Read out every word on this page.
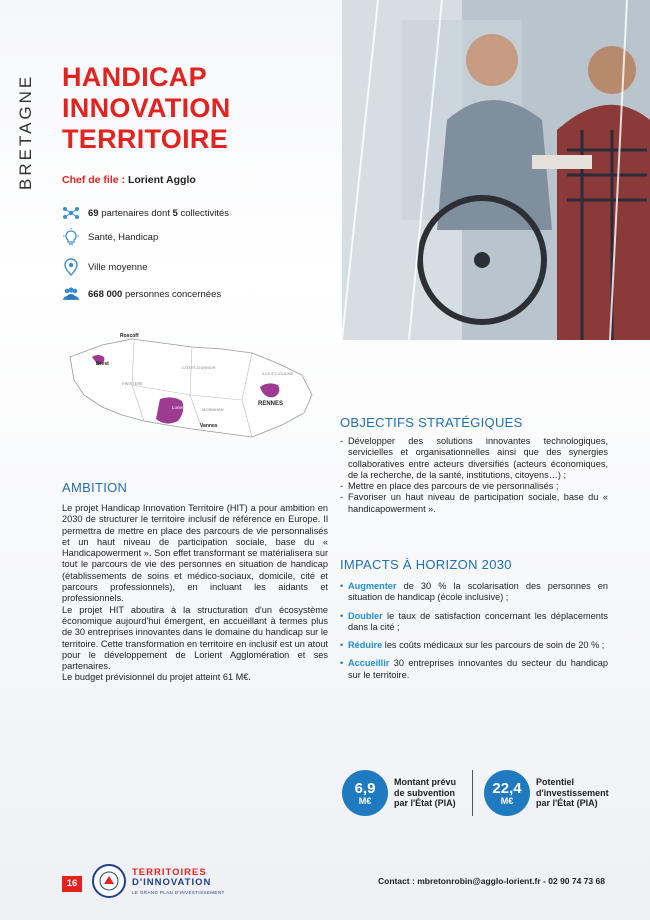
BRETAGNE HANDICAP
INNOVATION
TERRITOIRE
Chef de file : Lorient Agglo
69 partenaires dont 5 collectivités
Santé, Handicap
Ville moyenne
668 000 personnes concernées
Roscoff
Brest
FINISTERE
CÔTES-D'ARMOR
ILLE-ET-VILAINE
MORBIHAN
Lorient
Vannes
RENNES
AMBITION

Le projet Handicap Innovation Territoire (HIT) a pour ambition en 2030 de structurer le territoire inclusif de référence en Europe. Il permettra de mettre en place des parcours de vie personnalisés et un haut niveau de participation sociale, base du « Handicapowerment ». Son effet transformant se matérialisera sur tout le parcours de vie des personnes en situation de handicap (établissements de soins et médico-sociaux, domicile, cité et parcours professionnels), en incluant les aidants et professionnels.

Le projet HIT aboutira à la structuration d'un écosystème économique aujourd'hui émergent, en accueillant à termes plus de 30 entreprises innovantes dans le domaine du handicap sur le territoire. Cette transformation en territoire en inclusif est un atout pour le développement de Lorient Agglomération et ses partenaires.

Le budget prévisionnel du projet atteint 61 M€.

OBJECTIFS STRATÉGIQUES
- Développer des solutions innovantes technologiques, servicielles et organisationnelles ainsi que des synergies collaboratives entre acteurs diversifiés (acteurs économiques, de la recherche, de la santé, institutions, citoyens…) ;
- Mettre en place des parcours de vie personnalisés ;
- Favoriser un haut niveau de participation sociale, base du « handicapowerment ».
IMPACTS À HORIZON 2030
• Augmenter de 30 % la scolarisation des personnes en situation de handicap (école inclusive) ;
• Doubler le taux de satisfaction concernant les déplacements dans la cité ;
• Réduire les coûts médicaux sur les parcours de soin de 20 % ;
• Accueillir 30 entreprises innovantes du secteur du handicap sur le territoire.
6,9
M€
Montant prévu
de subvention
par l'État (PIA)
22,4
M€
Potentiel
d'investissement
par l'État (PIA)
16
TERRITOIRES
D'INNOVATION
LE GRAND PLAN D'INVESTISSEMENT
Contact : mbretonrobin@agglo-lorient.fr - 02 90 74 73 68
